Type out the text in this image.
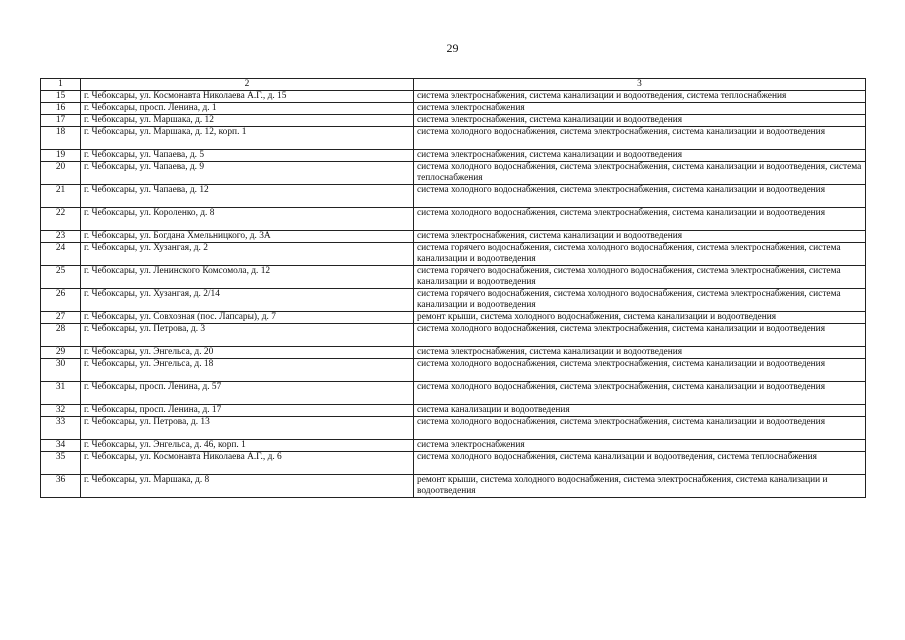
29
1	2	3
15	г. Чебоксары, ул. Космонавта Николаева А.Г., д. 15	система электроснабжения, система канализации и водоотведения, система теплоснабжения
16	г. Чебоксары, просп. Ленина, д. 1	система электроснабжения
17	г. Чебоксары, ул. Маршака, д. 12	система электроснабжения, система канализации и водоотведения
18	г. Чебоксары, ул. Маршака, д. 12, корп. 1	система холодного водоснабжения, система электроснабжения, система канализации и водоотведения
19	г. Чебоксары, ул. Чапаева, д. 5	система электроснабжения, система канализации и водоотведения
20	г. Чебоксары, ул. Чапаева, д. 9	система холодного водоснабжения, система электроснабжения, система канализации и водоотведения, система теплоснабжения
21	г. Чебоксары, ул. Чапаева, д. 12	система холодного водоснабжения, система электроснабжения, система канализации и водоотведения
22	г. Чебоксары, ул. Короленко, д. 8	система холодного водоснабжения, система электроснабжения, система канализации и водоотведения
23	г. Чебоксары, ул. Богдана Хмельницкого, д. 3А	система электроснабжения, система канализации и водоотведения
24	г. Чебоксары, ул. Хузангая, д. 2	система горячего водоснабжения, система холодного водоснабжения, система электроснабжения, система канализации и водоотведения
25	г. Чебоксары, ул. Ленинского Комсомола, д. 12	система горячего водоснабжения, система холодного водоснабжения, система электроснабжения, система канализации и водоотведения
26	г. Чебоксары, ул. Хузангая, д. 2/14	система горячего водоснабжения, система холодного водоснабжения, система электроснабжения, система канализации и водоотведения
27	г. Чебоксары, ул. Совхозная (пос. Лапсары), д. 7	ремонт крыши, система холодного водоснабжения, система канализации и водоотведения
28	г. Чебоксары, ул. Петрова, д. 3	система холодного водоснабжения, система электроснабжения, система канализации и водоотведения
29	г. Чебоксары, ул. Энгельса, д. 20	система электроснабжения, система канализации и водоотведения
30	г. Чебоксары, ул. Энгельса, д. 18	система холодного водоснабжения, система электроснабжения, система канализации и водоотведения
31	г. Чебоксары, просп. Ленина, д. 57	система холодного водоснабжения, система электроснабжения, система канализации и водоотведения
32	г. Чебоксары, просп. Ленина, д. 17	система канализации и водоотведения
33	г. Чебоксары, ул. Петрова, д. 13	система холодного водоснабжения, система электроснабжения, система канализации и водоотведения
34	г. Чебоксары, ул. Энгельса, д. 46, корп. 1	система электроснабжения
35	г. Чебоксары, ул. Космонавта Николаева А.Г., д. 6	система холодного водоснабжения, система канализации и водоотведения, система теплоснабжения
36	г. Чебоксары, ул. Маршака, д. 8	ремонт крыши, система холодного водоснабжения, система электроснабжения, система канализации и водоотведения
